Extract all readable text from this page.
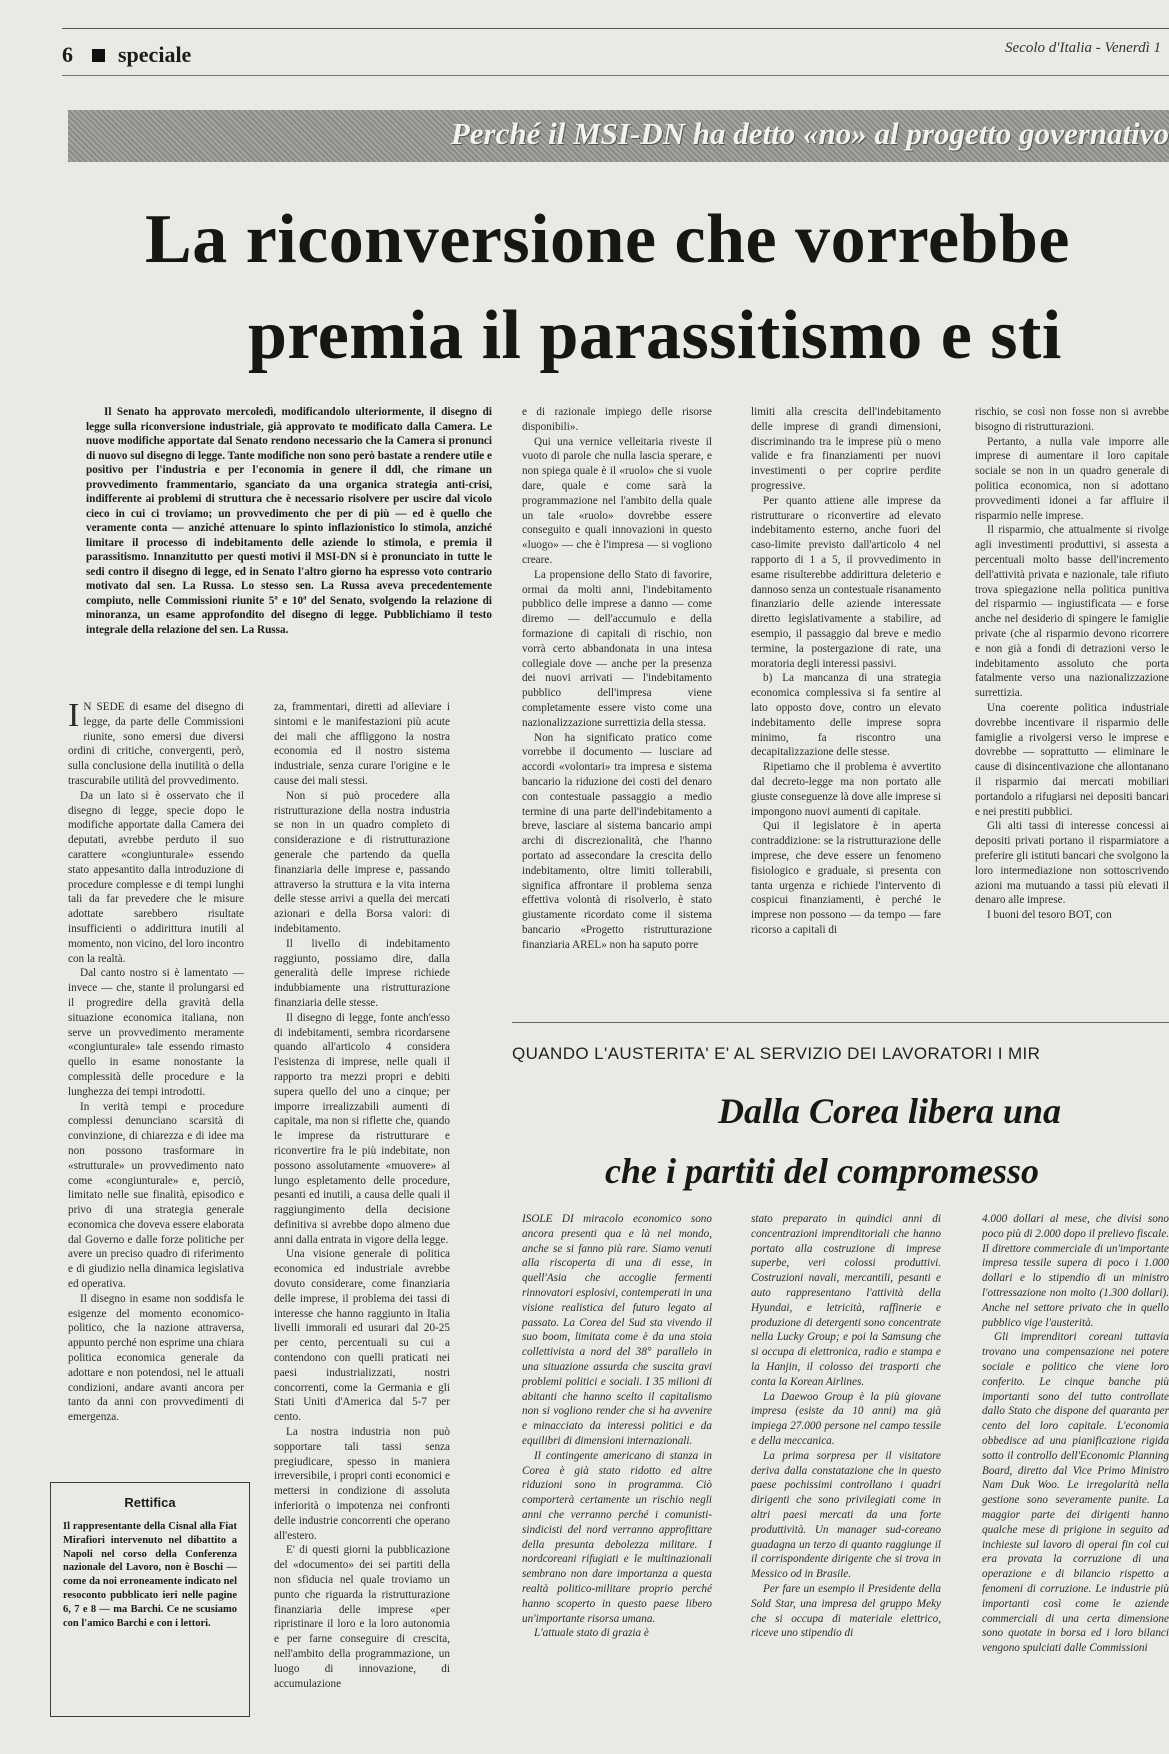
6 speciale	Secolo d'Italia - Venerdì 1
Perché il MSI-DN ha detto «no» al progetto governativo
La riconversione che vorrebbe
premia il parassitismo e sti

Il Senato ha approvato mercoledì, modificandolo ulteriormente, il disegno di legge sulla riconversione industriale, già approvato te modificato dalla Camera. Le nuove modifiche apportate dal Senato rendono necessario che la Camera si pronunci di nuovo sul disegno di legge. Tante modifiche non sono però bastate a rendere utile e positivo per l'industria e per l'economia in genere il ddl, che rimane un provvedimento frammentario, sganciato da una organica strategia anti-crisi, indifferente ai problemi di struttura che è necessario risolvere per uscire dal vicolo cieco in cui ci troviamo; un provvedimento che per di più — ed è quello che veramente conta — anziché attenuare lo spinto inflazionistico lo stimola, anziché limitare il processo di indebitamento delle aziende lo stimola, e premia il parassitismo. Innanzitutto per questi motivi il MSI-DN si è pronunciato in tutte le sedi contro il disegno di legge, ed in Senato l'altro giorno ha espresso voto contrario motivato dal sen. La Russa. Lo stesso sen. La Russa aveva precedentemente compiuto, nelle Commissioni riunite 5ª e 10ª del Senato, svolgendo la relazione di minoranza, un esame approfondito del disegno di legge. Pubblichiamo il testo integrale della relazione del sen. La Russa.

I N SEDE di esame del disegno di legge, da parte delle Commissioni riunite, sono emersi due diversi ordini di critiche, convergenti, però, sulla conclusione della inutilità o della trascurabile utilità del provvedimento.

Da un lato si è osservato che il disegno di legge, specie dopo le modifiche apportate dalla Camera dei deputati, avrebbe perduto il suo carattere «congiunturale» essendo stato appesantito dalla introduzione di procedure complesse e di tempi lunghi tali da far prevedere che le misure adottate sarebbero risultate insufficienti o addirittura inutili al momento, non vicino, del loro incontro con la realtà.

Dal canto nostro si è lamentato — invece — che, stante il prolungarsi ed il progredire della gravità della situazione economica italiana, non serve un provvedimento meramente «congiunturale» tale essendo rimasto quello in esame nonostante la complessità delle procedure e la lunghezza dei tempi introdotti.

In verità tempi e procedure complessi denunciano scarsità di convinzione, di chiarezza e di idee ma non possono trasformare in «strutturale» un provvedimento nato come «congiunturale» e, perciò, limitato nelle sue finalità, episodico e privo di una strategia generale economica che doveva essere elaborata dal Governo e dalle forze politiche per avere un preciso quadro di riferimento e di giudizio nella dinamica legislativa ed operativa.

Il disegno in esame non soddisfa le esigenze del momento economico-politico, che la nazione attraversa, appunto perché non esprime una chiara politica economica generale da adottare e non potendosi, nel le attuali condizioni, andare avanti ancora per tanto da anni con provvedimenti di emergenza.

za, frammentari, diretti ad alleviare i sintomi e le manifestazioni più acute dei mali che affliggono la nostra economia ed il nostro sistema industriale, senza curare l'origine e le cause dei mali stessi.

Non si può procedere alla ristrutturazione della nostra industria se non in un quadro completo di considerazione e di ristrutturazione generale che partendo da quella finanziaria delle imprese e, passando attraverso la struttura e la vita interna delle stesse arrivi a quella dei mercati azionari e della Borsa valori: di indebitamento.

Il livello di indebitamento raggiunto, possiamo dire, dalla generalità delle imprese richiede indubbiamente una ristrutturazione finanziaria delle stesse.

Il disegno di legge, fonte anch'esso di indebitamenti, sembra ricordarsene quando all'articolo 4 considera l'esistenza di imprese, nelle quali il rapporto tra mezzi propri e debiti supera quello del uno a cinque; per imporre irrealizzabili aumenti di capitale, ma non si riflette che, quando le imprese da ristrutturare e riconvertire fra le più indebitate, non possono assolutamente «muovere» al lungo espletamento delle procedure, pesanti ed inutili, a causa delle quali il raggiungimento della decisione definitiva si avrebbe dopo almeno due anni dalla entrata in vigore della legge.

Una visione generale di politica economica ed industriale avrebbe dovuto considerare, come finanziaria delle imprese, il problema dei tassi di interesse che hanno raggiunto in Italia livelli immorali ed usurari dal 20-25 per cento, percentuali su cui a contendono con quelli praticati nei paesi industrializzati, nostri concorrenti, come la Germania e gli Stati Uniti d'America dal 5-7 per cento.

La nostra industria non può sopportare tali tassi senza pregiudicare, spesso in maniera irreversibile, i propri conti economici e mettersi in condizione di assoluta inferiorità o impotenza nei confronti delle industrie concorrenti che operano all'estero.

E' di questi giorni la pubblicazione del «documento» dei sei partiti della non sfiducia nel quale troviamo un punto che riguarda la ristrutturazione finanziaria delle imprese «per ripristinare il loro e la loro autonomia e per farne conseguire di crescita, nell'ambito della programmazione, un luogo di innovazione, di accumulazione

e di razionale impiego delle risorse disponibili».

Qui una vernice velleitaria riveste il vuoto di parole che nulla lascia sperare, e non spiega quale è il «ruolo» che si vuole dare, quale e come sarà la programmazione nel l'ambito della quale un tale «ruolo» dovrebbe essere conseguito e quali innovazioni in questo «luogo» — che è l'impresa — si vogliono creare.

La propensione dello Stato di favorire, ormai da molti anni, l'indebitamento pubblico delle imprese a danno — come diremo — dell'accumulo e della formazione di capitali di rischio, non vorrà certo abbandonata in una intesa collegiale dove — anche per la presenza dei nuovi arrivati — l'indebitamento pubblico dell'impresa viene completamente essere visto come una nazionalizzazione surrettizia della stessa.

Non ha significato pratico come vorrebbe il documento — lusciare ad accordi «volontari» tra impresa e sistema bancario la riduzione dei costi del denaro con contestuale passaggio a medio termine di una parte dell'indebitamento a breve, lasciare al sistema bancario ampi archi di discrezionalità, che l'hanno portato ad assecondare la crescita dello indebitamento, oltre limiti tollerabili, significa affrontare il problema senza effettiva volontà di risolverlo, è stato giustamente ricordato come il sistema bancario «Progetto ristrutturazione finanziaria AREL» non ha saputo porre

limiti alla crescita dell'indebitamento delle imprese di grandi dimensioni, discriminando tra le imprese più o meno valide e fra finanziamenti per nuovi investimenti o per coprire perdite progressive.

Per quanto attiene alle imprese da ristrutturare o riconvertire ad elevato indebitamento esterno, anche fuori del caso-limite previsto dall'articolo 4 nel rapporto di 1 a 5, il provvedimento in esame risulterebbe addirittura deleterio e dannoso senza un contestuale risanamento finanziario delle aziende interessate diretto legislativamente a stabilire, ad esempio, il passaggio dal breve e medio termine, la postergazione di rate, una moratoria degli interessi passivi.

b) La mancanza di una strategia economica complessiva si fa sentire al lato opposto dove, contro un elevato indebitamento delle imprese sopra minimo, fa riscontro una decapitalizzazione delle stesse.

Ripetiamo che il problema è avvertito dal decreto-legge ma non portato alle giuste conseguenze là dove alle imprese si impongono nuovi aumenti di capitale.

Qui il legislatore è in aperta contraddizione: se la ristrutturazione delle imprese, che deve essere un fenomeno fisiologico e graduale, si presenta con tanta urgenza e richiede l'intervento di cospicui finanziamenti, è perché le imprese non possono — da tempo — fare ricorso a capitali di

rischio, se così non fosse non si avrebbe bisogno di ristrutturazioni.

Pertanto, a nulla vale imporre alle imprese di aumentare il loro capitale sociale se non in un quadro generale di politica economica, non si adottano provvedimenti idonei a far affluire il risparmio nelle imprese.

Il risparmio, che attualmente si rivolge agli investimenti produttivi, si assesta a percentuali molto basse dell'incremento dell'attività privata e nazionale, tale rifiuto trova spiegazione nella politica punitiva del risparmio — ingiustificata — e forse anche nel desiderio di spingere le famiglie private (che al risparmio devono ricorrere e non già a fondi di detrazioni verso le indebitamento assoluto che porta fatalmente verso una nazionalizzazione surrettizia.

Una coerente politica industriale dovrebbe incentivare il risparmio delle famiglie a rivolgersi verso le imprese e dovrebbe — soprattutto — eliminare le cause di disincentivazione che allontanano il risparmio dai mercati mobiliari portandolo a rifugiarsi nei depositi bancari e nei prestiti pubblici.

Gli alti tassi di interesse concessi ai depositi privati portano il risparmiatore a preferire gli istituti bancari che svolgono la loro intermediazione non sottoscrivendo azioni ma mutuando a tassi più elevati il denaro alle imprese.

I buoni del tesoro BOT, con

Rettifica

Il rappresentante della Cisnal alla Fiat Mirafiori intervenuto nel dibattito a Napoli nel corso della Conferenza nazionale del Lavoro, non è Boschi — come da noi erroneamente indicato nel resoconto pubblicato ieri nelle pagine 6, 7 e 8 — ma Barchi. Ce ne scusiamo con l'amico Barchi e con i lettori.

QUANDO L'AUSTERITA' E' AL SERVIZIO DEI LAVORATORI I MIR

Dalla Corea libera una
che i partiti del compromesso

ISOLE DI miracolo economico sono ancora presenti qua e là nel mondo, anche se si fanno più rare. Siamo venuti alla riscoperta di una di esse, in quell'Asia che accoglie fermenti rinnovatori esplosivi, contemperati in una visione realistica del futuro legato al passato. La Corea del Sud sta vivendo il suo boom, limitata come è da una stoia collettivista a nord del 38° parallelo in una situazione assurda che suscita gravi problemi politici e sociali. I 35 milioni di abitanti che hanno scelto il capitalismo non si vogliono render che si ha avvenire e minacciato da interessi politici e da equilibri di dimensioni internazionali.

Il contingente americano di stanza in Corea è già stato ridotto ed altre riduzioni sono in programma. Ciò comporterà certamente un rischio negli anni che verranno perché i comunisti-sindicisti del nord verranno approfittare della presunta debolezza militare. I nordcoreani rifugiati e le multinazionali sembrano non dare importanza a questa realtà politico-militare proprio perché hanno scoperto in questo paese libero un'importante risorsa umana.

L'attuale stato di grazia è

stato preparato in quindici anni di concentrazioni imprenditoriali che hanno portato alla costruzione di imprese superbe, veri colossi produttivi. Costruzioni navali, mercantili, pesanti e auto rappresentano l'attività della Hyundai, e letricità, raffinerie e produzione di detergenti sono concentrate nella Lucky Group; e poi la Samsung che si occupa di elettronica, radio e stampa e la Hanjin, il colosso dei trasporti che conta la Korean Airlines.

La Daewoo Group è la più giovane impresa (esiste da 10 anni) ma già impiega 27.000 persone nel campo tessile e della meccanica.

La prima sorpresa per il visitatore deriva dalla constatazione che in questo paese pochissimi controllano i quadri dirigenti che sono privilegiati come in altri paesi mercati da una forte produttività. Un manager sud-coreano guadagna un terzo di quanto raggiunge il il corrispondente dirigente che si trova in Messico od in Brasile.

Per fare un esempio il Presidente della Sold Star, una impresa del gruppo Meky che si occupa di materiale elettrico, riceve uno stipendio di

4.000 dollari al mese, che divisi sono poco più di 2.000 dopo il prelievo fiscale. Il direttore commerciale di un'importante impresa tessile supera di poco i 1.000 dollari e lo stipendio di un ministro l'ottressazione non molto (1.300 dollari). Anche nel settore privato che in quello pubblico vige l'austerità.

Gli imprenditori coreani tuttavia trovano una compensazione nei potere sociale e politico che viene loro conferito. Le cinque banche più importanti sono del tutto controllate dallo Stato che dispone del quaranta per cento del loro capitale. L'economia obbedisce ad una pianificazione rigida sotto il controllo dell'Economic Planning Board, diretto dal Vice Primo Ministro Nam Duk Woo. Le irregolarità nella gestione sono severamente punite. La maggior parte dei dirigenti hanno qualche mese di prigione in seguito ad inchieste sul lavoro di operai fin col cui era provata la corruzione di una operazione e di bilancio rispetto a fenomeni di corruzione. Le industrie più importanti così come le aziende commerciali di una certa dimensione sono quotate in borsa ed i loro bilanci vengono spulciati dalle Commissioni
